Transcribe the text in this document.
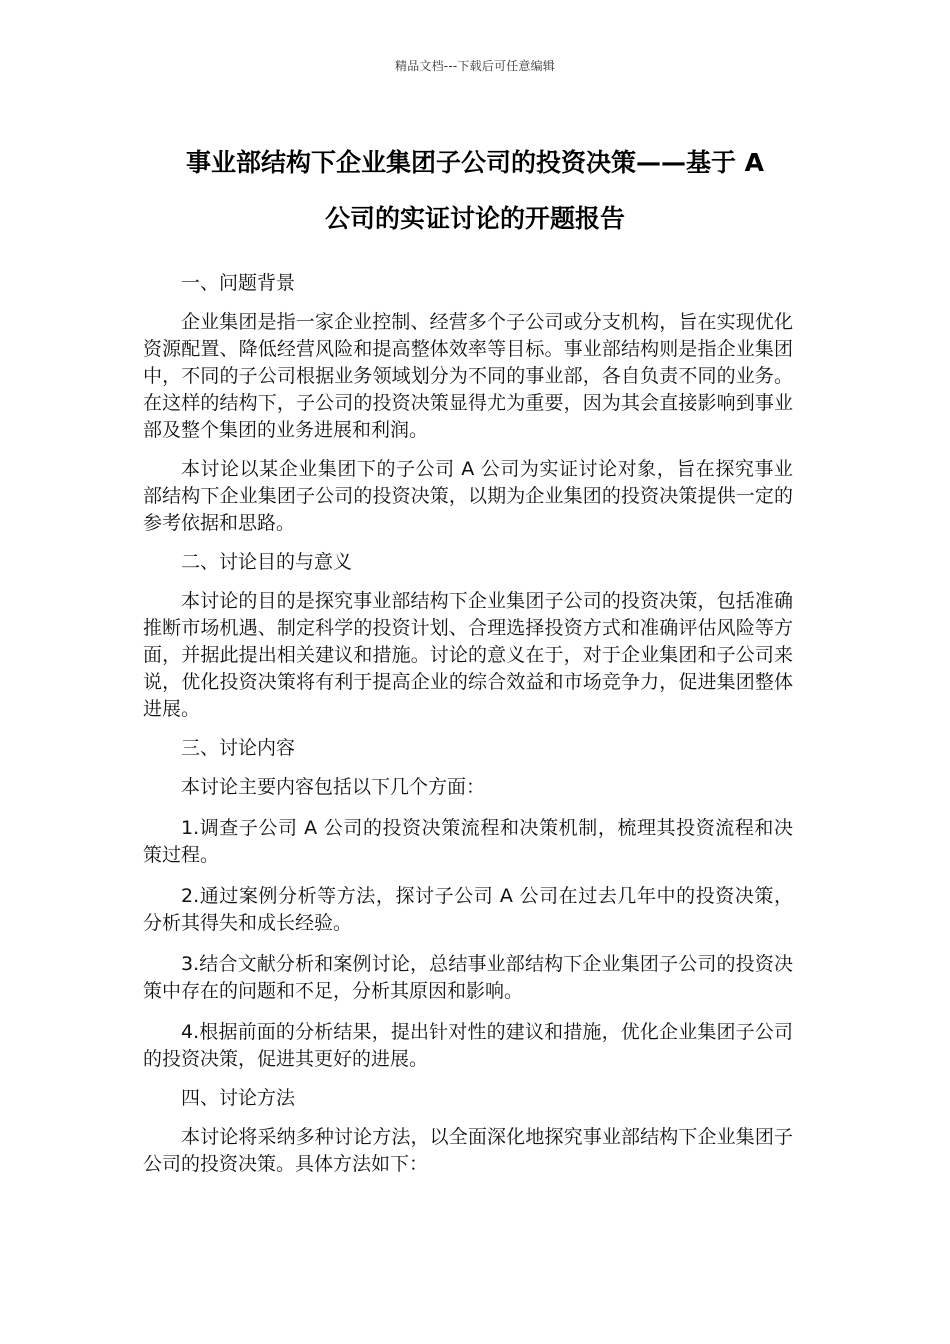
精品文档---下载后可任意编辑
事业部结构下企业集团子公司的投资决策——基于 A
公司的实证讨论的开题报告

一、问题背景

企业集团是指一家企业控制、经营多个子公司或分支机构，旨在实现优化资源配置、降低经营风险和提高整体效率等目标。事业部结构则是指企业集团中，不同的子公司根据业务领域划分为不同的事业部，各自负责不同的业务。在这样的结构下，子公司的投资决策显得尤为重要，因为其会直接影响到事业部及整个集团的业务进展和利润。

本讨论以某企业集团下的子公司 A 公司为实证讨论对象，旨在探究事业部结构下企业集团子公司的投资决策，以期为企业集团的投资决策提供一定的参考依据和思路。

二、讨论目的与意义

本讨论的目的是探究事业部结构下企业集团子公司的投资决策，包括准确推断市场机遇、制定科学的投资计划、合理选择投资方式和准确评估风险等方面，并据此提出相关建议和措施。讨论的意义在于，对于企业集团和子公司来说，优化投资决策将有利于提高企业的综合效益和市场竞争力，促进集团整体进展。

三、讨论内容

本讨论主要内容包括以下几个方面：

1.调查子公司 A 公司的投资决策流程和决策机制，梳理其投资流程和决策过程。

2.通过案例分析等方法，探讨子公司 A 公司在过去几年中的投资决策，分析其得失和成长经验。

3.结合文献分析和案例讨论，总结事业部结构下企业集团子公司的投资决策中存在的问题和不足，分析其原因和影响。

4.根据前面的分析结果，提出针对性的建议和措施，优化企业集团子公司的投资决策，促进其更好的进展。

四、讨论方法

本讨论将采纳多种讨论方法，以全面深化地探究事业部结构下企业集团子公司的投资决策。具体方法如下：
